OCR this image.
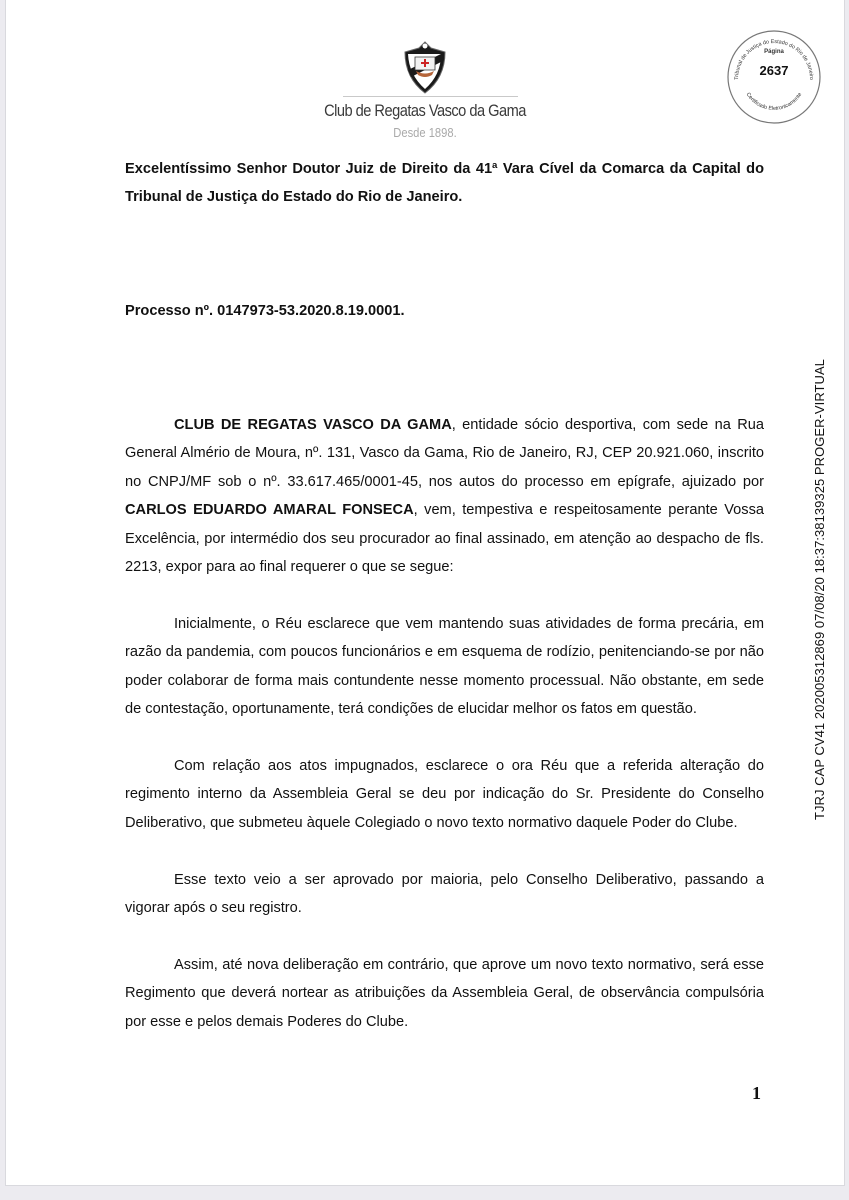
Club de Regatas Vasco da Gama
Desde 1898.
Tribunal de Justiça do Estado do Rio de Janeiro
Certificado Eletronicamente
Página
2637
TJRJ CAP CV41 202005312869 07/08/20 18:37:38139325 PROGER-VIRTUAL
Excelentíssimo Senhor Doutor Juiz de Direito da 41ª Vara Cível da Comarca da Capital do Tribunal de Justiça do Estado do Rio de Janeiro.
Processo nº. 0147973-53.2020.8.19.0001.
CLUB DE REGATAS VASCO DA GAMA, entidade sócio desportiva, com sede na Rua General Almério de Moura, nº. 131, Vasco da Gama, Rio de Janeiro, RJ, CEP 20.921.060, inscrito no CNPJ/MF sob o nº. 33.617.465/0001-45, nos autos do processo em epígrafe, ajuizado por CARLOS EDUARDO AMARAL FONSECA, vem, tempestiva e respeitosamente perante Vossa Excelência, por intermédio dos seu procurador ao final assinado, em atenção ao despacho de fls. 2213, expor para ao final requerer o que se segue:
Inicialmente, o Réu esclarece que vem mantendo suas atividades de forma precária, em razão da pandemia, com poucos funcionários e em esquema de rodízio, penitenciando-se por não poder colaborar de forma mais contundente nesse momento processual. Não obstante, em sede de contestação, oportunamente, terá condições de elucidar melhor os fatos em questão.
Com relação aos atos impugnados, esclarece o ora Réu que a referida alteração do regimento interno da Assembleia Geral se deu por indicação do Sr. Presidente do Conselho Deliberativo, que submeteu àquele Colegiado o novo texto normativo daquele Poder do Clube.
Esse texto veio a ser aprovado por maioria, pelo Conselho Deliberativo, passando a vigorar após o seu registro.
Assim, até nova deliberação em contrário, que aprove um novo texto normativo, será esse Regimento que deverá nortear as atribuições da Assembleia Geral, de observância compulsória por esse e pelos demais Poderes do Clube.
1
